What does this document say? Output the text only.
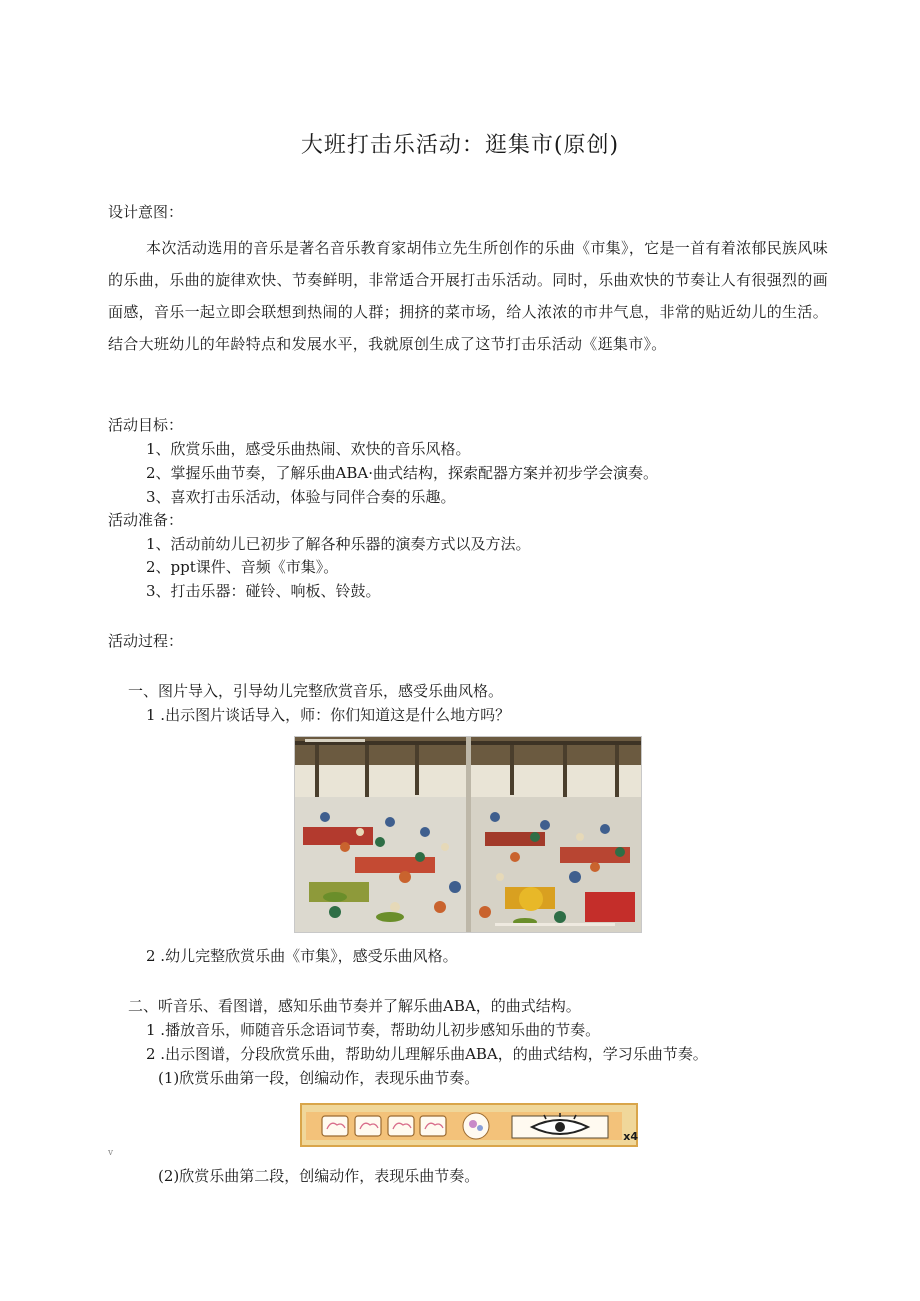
大班打击乐活动：逛集市(原创)
设计意图：
本次活动选用的音乐是著名音乐教育家胡伟立先生所创作的乐曲《市集》，它是一首有着浓郁民族风味的乐曲，乐曲的旋律欢快、节奏鲜明，非常适合开展打击乐活动。同时，乐曲欢快的节奏让人有很强烈的画面感，音乐一起立即会联想到热闹的人群；拥挤的菜市场，给人浓浓的市井气息，非常的贴近幼儿的生活。结合大班幼儿的年龄特点和发展水平，我就原创生成了这节打击乐活动《逛集市》。
活动目标：
1、欣赏乐曲，感受乐曲热闹、欢快的音乐风格。
2、掌握乐曲节奏，了解乐曲ABA·曲式结构，探索配器方案并初步学会演奏。
3、喜欢打击乐活动，体验与同伴合奏的乐趣。
活动准备：
1、活动前幼儿已初步了解各种乐器的演奏方式以及方法。
2、ppt课件、音频《市集》。
3、打击乐器：碰铃、响板、铃鼓。
活动过程：
一、图片导入，引导幼儿完整欣赏音乐，感受乐曲风格。
1 .出示图片谈话导入，师：你们知道这是什么地方吗？
2 .幼儿完整欣赏乐曲《市集》，感受乐曲风格。
二、听音乐、看图谱，感知乐曲节奏并了解乐曲ABA，的曲式结构。
1 .播放音乐，师随音乐念语词节奏，帮助幼儿初步感知乐曲的节奏。
2 .出示图谱，分段欣赏乐曲，帮助幼儿理解乐曲ABA，的曲式结构，学习乐曲节奏。
(1)欣赏乐曲第一段，创编动作，表现乐曲节奏。
x4
v
(2)欣赏乐曲第二段，创编动作，表现乐曲节奏。
